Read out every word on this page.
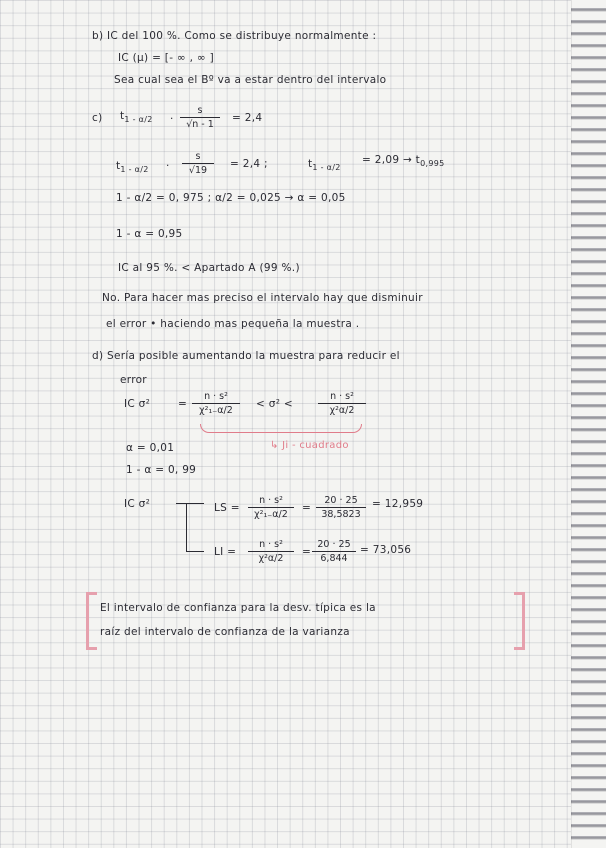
b) IC del 100 %. Como se distribuye normalmente :
IC (μ) = [- ∞ , ∞ ]
Sea cual sea el Bº va a estar dentro del intervalo
c) $t_{1 - \alpha/2} \cdot \frac{s}{√n - 1} = 2,4$
$t_{1 - \alpha/2} \cdot \frac{s}{√19} = 2,4$ ;	$t_{1 - \alpha/2}$
= $2,09 \to t_{0,995}$
1 - α/2 = 0, 975 ; α/2 = 0,025 → α = 0,05
1 - α = 0,95
IC al 95 %. < Apartado A (99 %.)
No. Para hacer mas preciso el intervalo hay que disminuir
el error • haciendo mas pequeña la muestra .
d) Sería posible aumentando la muestra para reducir el
error
IC σ²	= $\frac{\text{n · s²}}{\text{χ²₁₋α/2}} < \sigma^2$ <	$\frac{\text{n · s²}}{\text{χ²α/2}}$
↳ Ji - cuadrado
α = 0,01
1 - α = 0, 99
IC σ²	LS = $\frac{\text{n · s²}}{\text{χ²₁₋α/2}} = \frac{20 \cdot 25}{38,5823} = 12,959$
LI = $\frac{\text{n · s²}}{\text{χ²α/2}} = \frac{20 \cdot 25}{6,844} = 73,056$
El intervalo de confianza para la desv. típica es la
raíz del intervalo de confianza de la varianza
